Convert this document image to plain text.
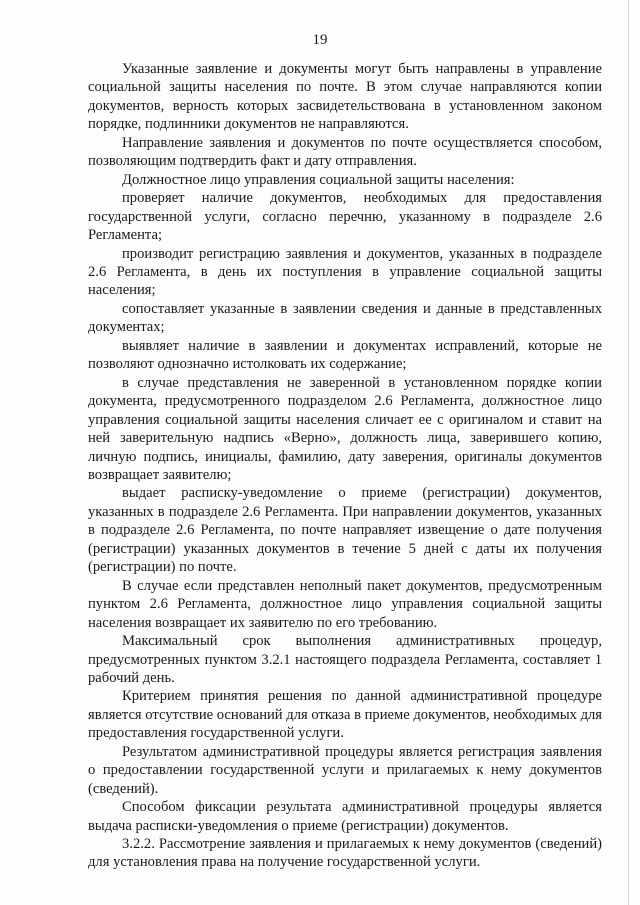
19

Указанные заявление и документы могут быть направлены в управление социальной защиты населения по почте. В этом случае направляются копии документов, верность которых засвидетельствована в установленном законом порядке, подлинники документов не направляются.

Направление заявления и документов по почте осуществляется способом, позволяющим подтвердить факт и дату отправления.

Должностное лицо управления социальной защиты населения:

проверяет наличие документов, необходимых для предоставления государственной услуги, согласно перечню, указанному в подразделе 2.6 Регламента;

производит регистрацию заявления и документов, указанных в подразделе 2.6 Регламента, в день их поступления в управление социальной защиты населения;

сопоставляет указанные в заявлении сведения и данные в представленных документах;

выявляет наличие в заявлении и документах исправлений, которые не позволяют однозначно истолковать их содержание;

в случае представления не заверенной в установленном порядке копии документа, предусмотренного подразделом 2.6 Регламента, должностное лицо управления социальной защиты населения сличает ее с оригиналом и ставит на ней заверительную надпись «Верно», должность лица, заверившего копию, личную подпись, инициалы, фамилию, дату заверения, оригиналы документов возвращает заявителю;

выдает расписку-уведомление о приеме (регистрации) документов, указанных в подразделе 2.6 Регламента. При направлении документов, указанных в подразделе 2.6 Регламента, по почте направляет извещение о дате получения (регистрации) указанных документов в течение 5 дней с даты их получения (регистрации) по почте.

В случае если представлен неполный пакет документов, предусмотренным пунктом 2.6 Регламента, должностное лицо управления социальной защиты населения возвращает их заявителю по его требованию.

Максимальный срок выполнения административных процедур, предусмотренных пунктом 3.2.1 настоящего подраздела Регламента, составляет 1 рабочий день.

Критерием принятия решения по данной административной процедуре является отсутствие оснований для отказа в приеме документов, необходимых для предоставления государственной услуги.

Результатом административной процедуры является регистрация заявления о предоставлении государственной услуги и прилагаемых к нему документов (сведений).

Способом фиксации результата административной процедуры является выдача расписки-уведомления о приеме (регистрации) документов.

3.2.2. Рассмотрение заявления и прилагаемых к нему документов (сведений) для установления права на получение государственной услуги.
